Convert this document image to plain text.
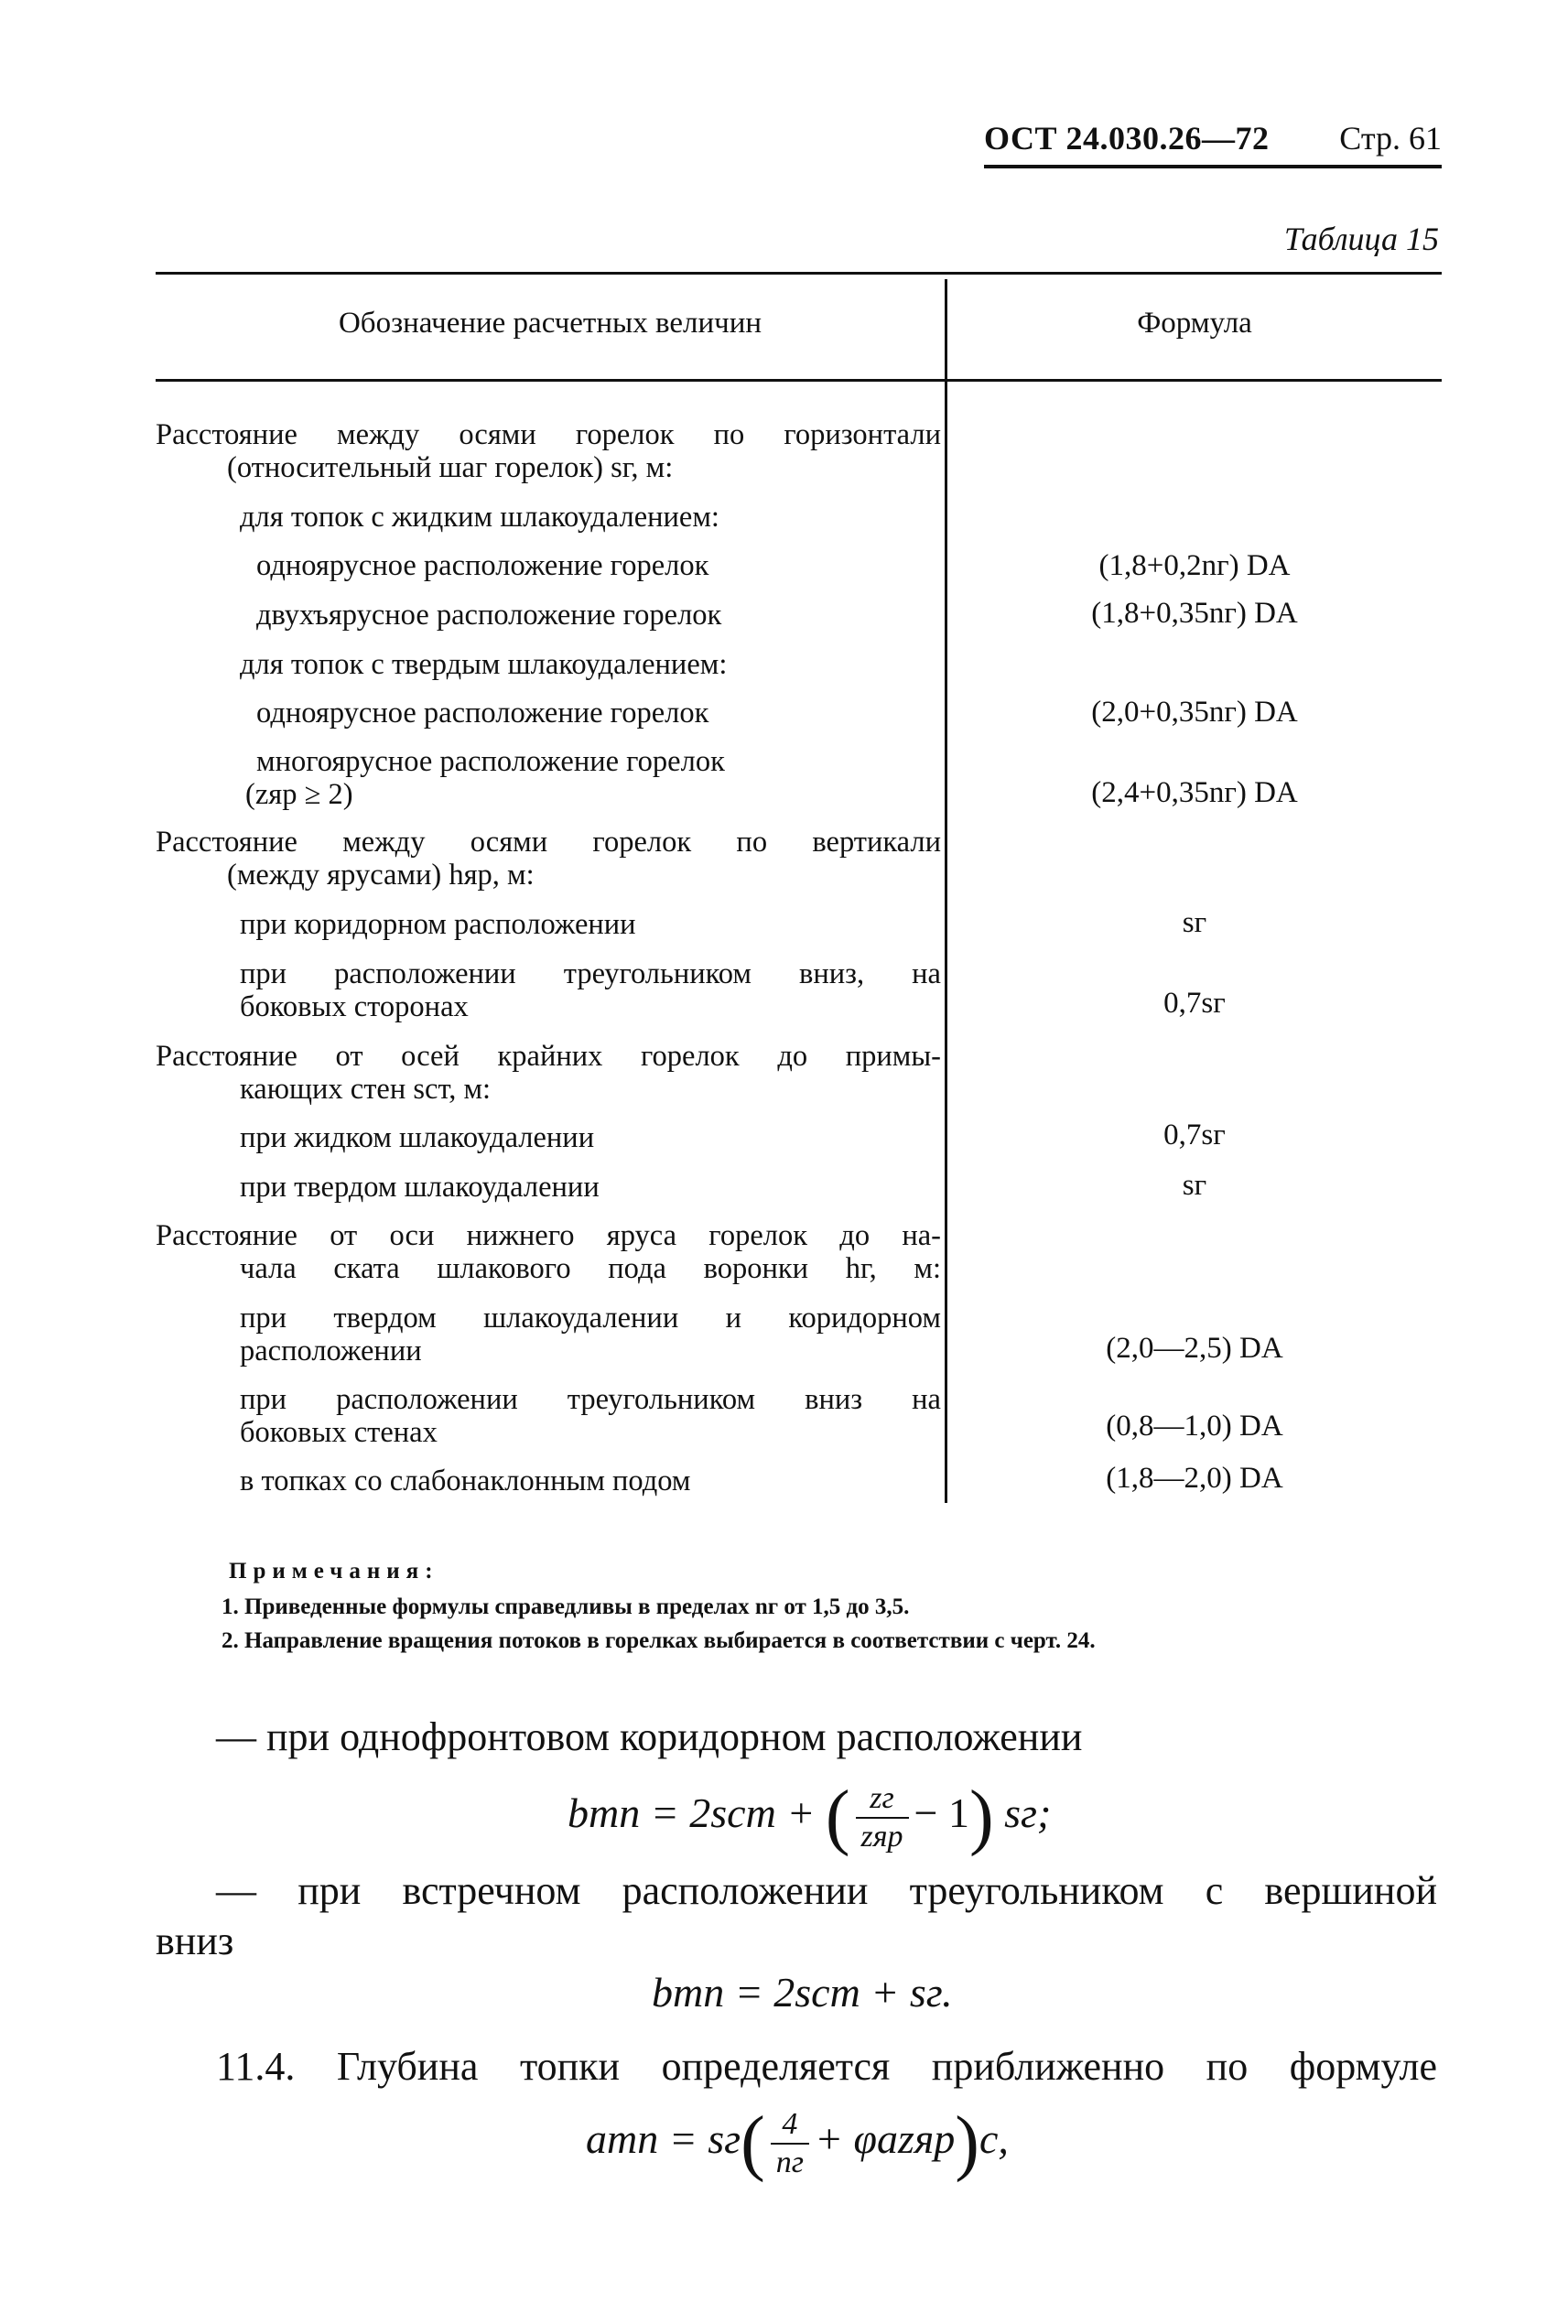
ОСТ 24.030.26—72 Стр. 61
Таблица 15
Обозначение расчетных величин	Формула
Расстояние между осями горелок по горизонтали
(относительный шаг горелок) sг, м:
для топок с жидким шлакоудалением:
одноярусное расположение горелок	(1,8+0,2nг) DA
двухъярусное расположение горелок	(1,8+0,35nг) DA
для топок с твердым шлакоудалением:
одноярусное расположение горелок	(2,0+0,35nг) DA
многоярусное расположение горелок
(zяр ≥ 2)	(2,4+0,35nг) DA
Расстояние между осями горелок по вертикали
(между ярусами) hяр, м:
при коридорном расположении	sг
при расположении треугольником вниз, на
боковых сторонах	0,7sг
Расстояние от осей крайних горелок до примы-
кающих стен sст, м:
при жидком шлакоудалении	0,7sг
при твердом шлакоудалении	sг
Расстояние от оси нижнего яруса горелок до на-
чала ската шлакового пода воронки hг, м:
при твердом шлакоудалении и коридорном
расположении	(2,0—2,5) DA
при расположении треугольником вниз на
боковых стенах	(0,8—1,0) DA
в топках со слабонаклонным подом	(1,8—2,0) DA
Примечания:
1. Приведенные формулы справедливы в пределах nг от 1,5 до 3,5.
2. Направление вращения потоков в горелках выбирается в соответствии с черт. 24.
— при однофронтовом коридорном расположении
bтп = 2sст + ( $\frac{zг}{\text{zяр}} - 1$) sг;
— при встречном расположении треугольником с вершиной
вниз
bтп = 2sст + sг.
11.4. Глубина топки определяется приближенно по формуле
aтп = $sг( \frac{4}{nг}$ + φazяр)c,
